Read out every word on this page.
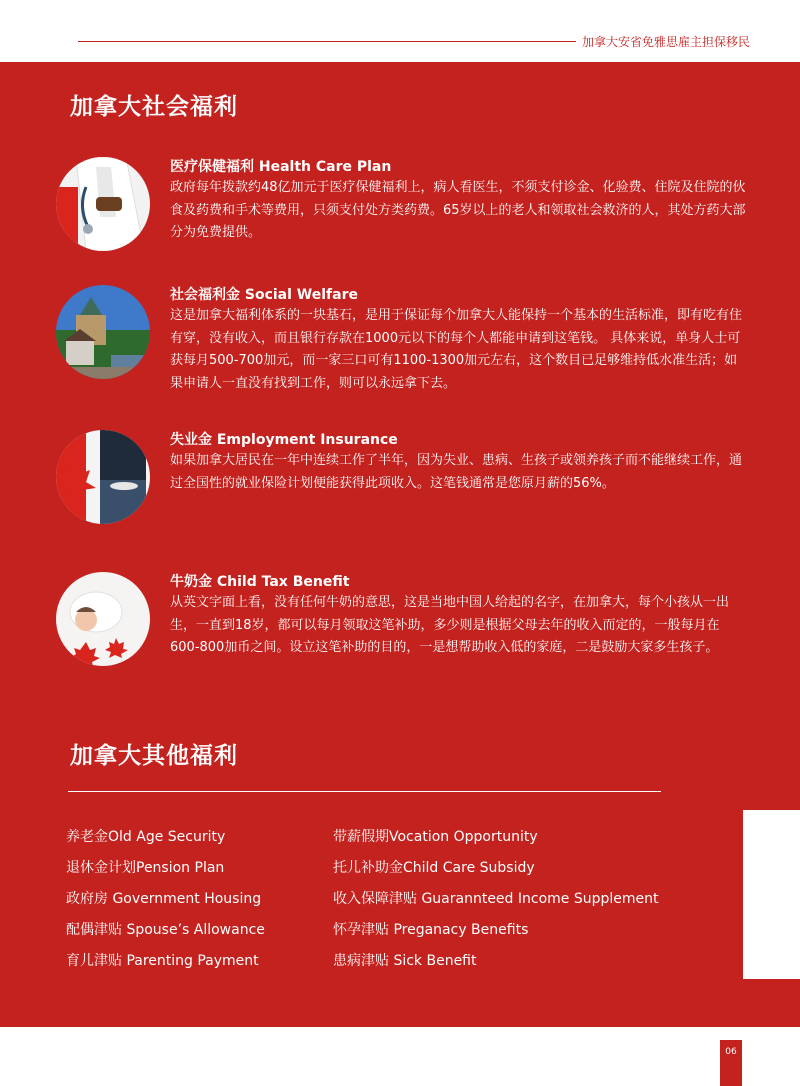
加拿大安省免雅思雇主担保移民
加拿大社会福利
医疗保健福利 Health Care Plan

政府每年拨款约48亿加元于医疗保健福利上，病人看医生，不须支付诊金、化验费、住院及住院的伙食及药费和手术等费用，只须支付处方类药费。65岁以上的老人和领取社会救济的人，其处方药大部分为免费提供。

社会福利金 Social Welfare

这是加拿大福利体系的一块基石，是用于保证每个加拿大人能保持一个基本的生活标准，即有吃有住有穿，没有收入，而且银行存款在1000元以下的每个人都能申请到这笔钱。 具体来说，单身人士可获每月500-700加元，而一家三口可有1100-1300加元左右，这个数目已足够维持低水准生活；如果申请人一直没有找到工作，则可以永远拿下去。

失业金 Employment Insurance

如果加拿大居民在一年中连续工作了半年，因为失业、患病、生孩子或领养孩子而不能继续工作，通过全国性的就业保险计划便能获得此项收入。这笔钱通常是您原月薪的56%。

牛奶金 Child Tax Benefit

从英文字面上看，没有任何牛奶的意思，这是当地中国人给起的名字，在加拿大，每个小孩从一出生，一直到18岁，都可以每月领取这笔补助，多少则是根据父母去年的收入而定的，一般每月在600-800加币之间。设立这笔补助的目的，一是想帮助收入低的家庭，二是鼓励大家多生孩子。

加拿大其他福利
养老金Old Age Security
退休金计划Pension Plan
政府房 Government Housing
配偶津贴 Spouse’s Allowance
育儿津贴 Parenting Payment
带薪假期Vocation Opportunity
托儿补助金Child Care Subsidy
收入保障津贴 Guarannteed Income Supplement
怀孕津贴 Preganacy Benefits
患病津贴 Sick Benefit
06
